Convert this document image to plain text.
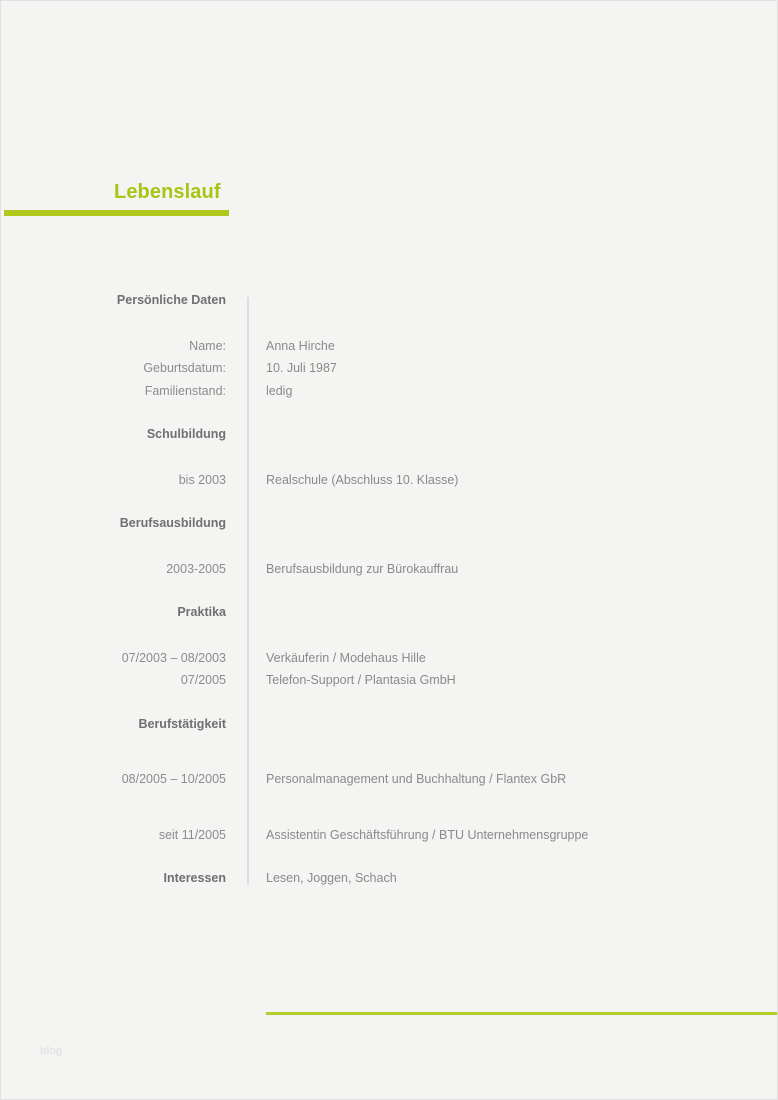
Lebenslauf
Persönliche Daten

Name:	Anna Hirche
Geburtsdatum:	10. Juli 1987
Familienstand:	ledig
Schulbildung

bis 2003	Realschule (Abschluss 10. Klasse)
Berufsausbildung

2003-2005	Berufsausbildung zur Bürokauffrau
Praktika

07/2003 – 08/2003	Verkäuferin / Modehaus Hille
07/2005	Telefon-Support / Plantasia GmbH
Berufstätigkeit

08/2005 – 10/2005	Personalmanagement und Buchhaltung / Flantex GbR
seit 11/2005	Assistentin Geschäftsführung / BTU Unternehmensgruppe
Interessen	Lesen, Joggen, Schach
blog
